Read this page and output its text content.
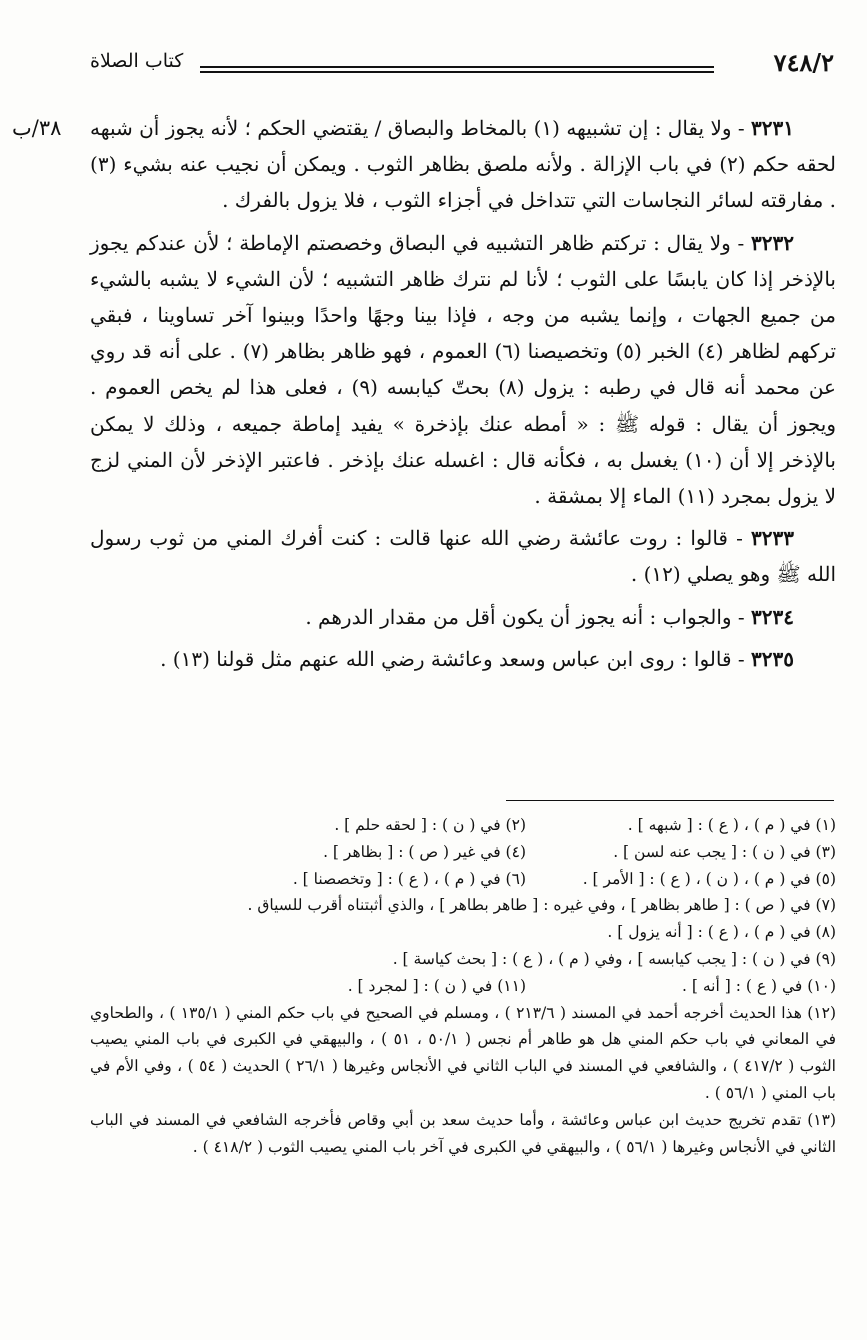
٧٤٨/٢
كتاب الصلاة
٣٨/ب	٣٢٣١ - ولا يقال : إن تشبيهه (١) بالمخاط والبصاق / يقتضي الحكم ؛ لأنه يجوز أن شبهه لحقه حكم (٢) في باب الإزالة . ولأنه ملصق بظاهر الثوب . ويمكن أن نجيب عنه بشيء (٣) . مفارقته لسائر النجاسات التي تتداخل في أجزاء الثوب ، فلا يزول بالفرك .

٣٢٣٢ - ولا يقال : تركتم ظاهر التشبيه في البصاق وخصصتم الإماطة ؛ لأن عندكم يجوز بالإذخر إذا كان يابسًا على الثوب ؛ لأنا لم نترك ظاهر التشبيه ؛ لأن الشيء لا يشبه بالشيء من جميع الجهات ، وإنما يشبه من وجه ، فإذا بينا وجهًا واحدًا وبينوا آخر تساوينا ، فبقي تركهم لظاهر (٤) الخبر (٥) وتخصيصنا (٦) العموم ، فهو ظاهر بظاهر (٧) . على أنه قد روي عن محمد أنه قال في رطبه : يزول (٨) بحتّ كيابسه (٩) ، فعلى هذا لم يخص العموم . ويجوز أن يقال : قوله ﷺ : « أمطه عنك بإذخرة » يفيد إماطة جميعه ، وذلك لا يمكن بالإذخر إلا أن (١٠) يغسل به ، فكأنه قال : اغسله عنك بإذخر . فاعتبر الإذخر لأن المني لزج لا يزول بمجرد (١١) الماء إلا بمشقة .

٣٢٣٣ - قالوا : روت عائشة رضي الله عنها قالت : كنت أفرك المني من ثوب رسول الله ﷺ وهو يصلي (١٢) .

٣٢٣٤ - والجواب : أنه يجوز أن يكون أقل من مقدار الدرهم .

٣٢٣٥ - قالوا : روى ابن عباس وسعد وعائشة رضي الله عنهم مثل قولنا (١٣) .

(١) في ( م ) ، ( ع ) : [ شبهه ] .
(٢) في ( ن ) : [ لحقه حلم ] .
(٣) في ( ن ) : [ يجب عنه لسن ] .
(٤) في غير ( ص ) : [ بظاهر ] .
(٥) في ( م ) ، ( ن ) ، ( ع ) : [ الأمر ] .
(٦) في ( م ) ، ( ع ) : [ وتخصصنا ] .

(٧) في ( ص ) : [ طاهر بظاهر ] ، وفي غيره : [ طاهر بطاهر ] ، والذي أثبتناه أقرب للسياق .

(٨) في ( م ) ، ( ع ) : [ أنه يزول ] .

(٩) في ( ن ) : [ يجب كيابسه ] ، وفي ( م ) ، ( ع ) : [ بحث كياسة ] .

(١٠) في ( ع ) : [ أنه ] .
(١١) في ( ن ) : [ لمجرد ] .

(١٢) هذا الحديث أخرجه أحمد في المسند ( ٢١٣/٦ ) ، ومسلم في الصحيح في باب حكم المني ( ١٣٥/١ ) ، والطحاوي في المعاني في باب حكم المني هل هو طاهر أم نجس ( ٥٠/١ ، ٥١ ) ، والبيهقي في الكبرى في باب المني يصيب الثوب ( ٤١٧/٢ ) ، والشافعي في المسند في الباب الثاني في الأنجاس وغيرها ( ٢٦/١ ) الحديث ( ٥٤ ) ، وفي الأم في باب المني ( ٥٦/١ ) .

(١٣) تقدم تخريج حديث ابن عباس وعائشة ، وأما حديث سعد بن أبي وقاص فأخرجه الشافعي في المسند في الباب الثاني في الأنجاس وغيرها ( ٥٦/١ ) ، والبيهقي في الكبرى في آخر باب المني يصيب الثوب ( ٤١٨/٢ ) .
